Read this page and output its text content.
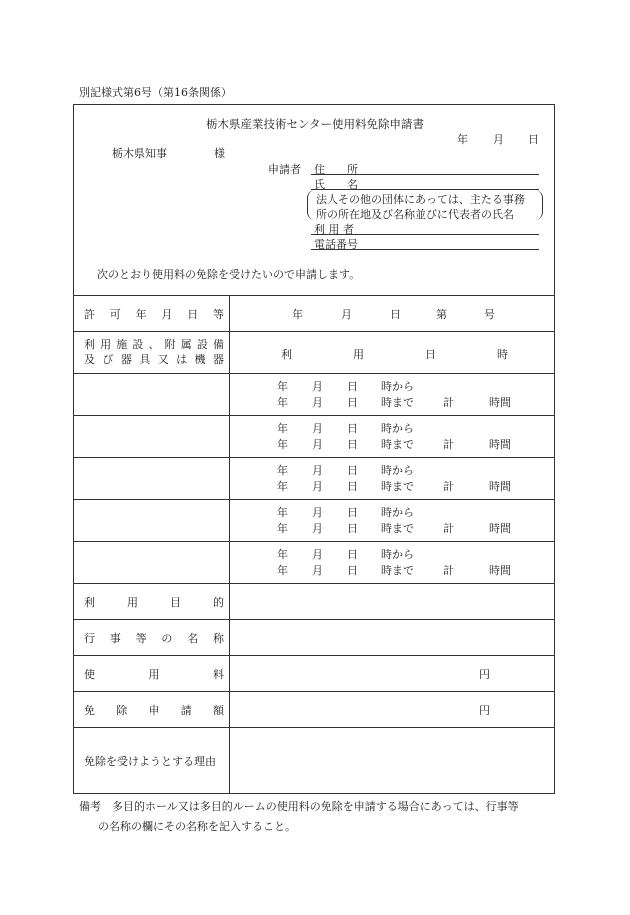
別記様式第6号（第16条関係）
栃木県産業技術センター使用料免除申請書
年 月 日
栃木県知事	様
申請者 住　　所
氏　　名
法人その他の団体にあっては、主たる事務
所の所在地及び名称並びに代表者の氏名
利 用 者
電話番号
次のとおり使用料の免除を受けたいので申請します。
許 可 年 月 日 等	年	月	日	第	号
利 用 施 設 、 附 属 設 備
及 び 器 具 又 は 機 器	利	用	日	時
年 月 日 時から
年 月 日 時まで	計	時間
年 月 日 時から
年 月 日 時まで	計	時間
年 月 日 時から
年 月 日 時まで	計	時間
年 月 日 時から
年 月 日 時まで	計	時間
年 月 日 時から
年 月 日 時まで	計	時間
利	用	目	的
行 事 等 の 名 称
使	用	料	円
免 除 申 請 額	円
免除を受けようとする理由
備考　多目的ホール又は多目的ルームの使用料の免除を申請する場合にあっては、行事等
の名称の欄にその名称を記入すること。
